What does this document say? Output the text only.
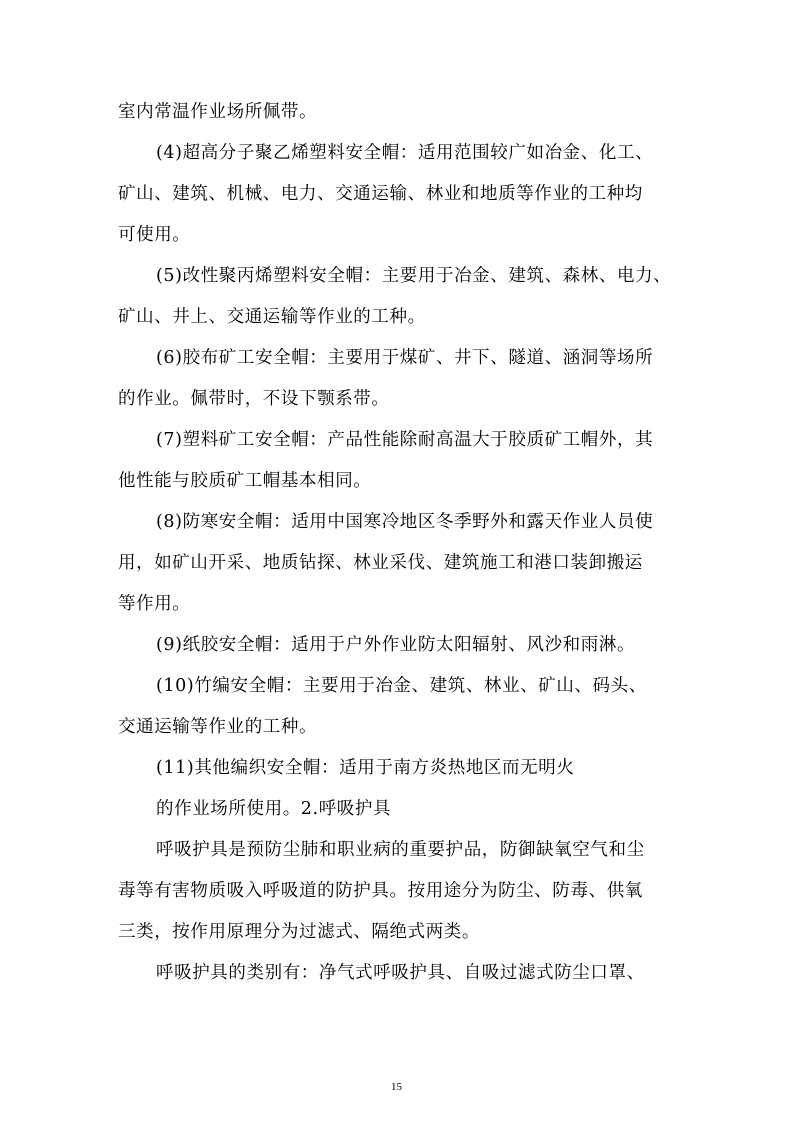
室内常温作业场所佩带。
(4)超高分子聚乙烯塑料安全帽：适用范围较广如冶金、化工、
矿山、建筑、机械、电力、交通运输、林业和地质等作业的工种均
可使用。
(5)改性聚丙烯塑料安全帽：主要用于冶金、建筑、森林、电力、
矿山、井上、交通运输等作业的工种。
(6)胶布矿工安全帽：主要用于煤矿、井下、隧道、涵洞等场所
的作业。佩带时，不设下颚系带。
(7)塑料矿工安全帽：产品性能除耐高温大于胶质矿工帽外，其
他性能与胶质矿工帽基本相同。
(8)防寒安全帽：适用中国寒冷地区冬季野外和露天作业人员使
用，如矿山开采、地质钻探、林业采伐、建筑施工和港口装卸搬运
等作用。
(9)纸胶安全帽：适用于户外作业防太阳辐射、风沙和雨淋。
(10)竹编安全帽：主要用于冶金、建筑、林业、矿山、码头、
交通运输等作业的工种。
(11)其他编织安全帽：适用于南方炎热地区而无明火
的作业场所使用。2.呼吸护具
呼吸护具是预防尘肺和职业病的重要护品，防御缺氧空气和尘
毒等有害物质吸入呼吸道的防护具。按用途分为防尘、防毒、供氧
三类，按作用原理分为过滤式、隔绝式两类。
呼吸护具的类别有：净气式呼吸护具、自吸过滤式防尘口罩、
15
